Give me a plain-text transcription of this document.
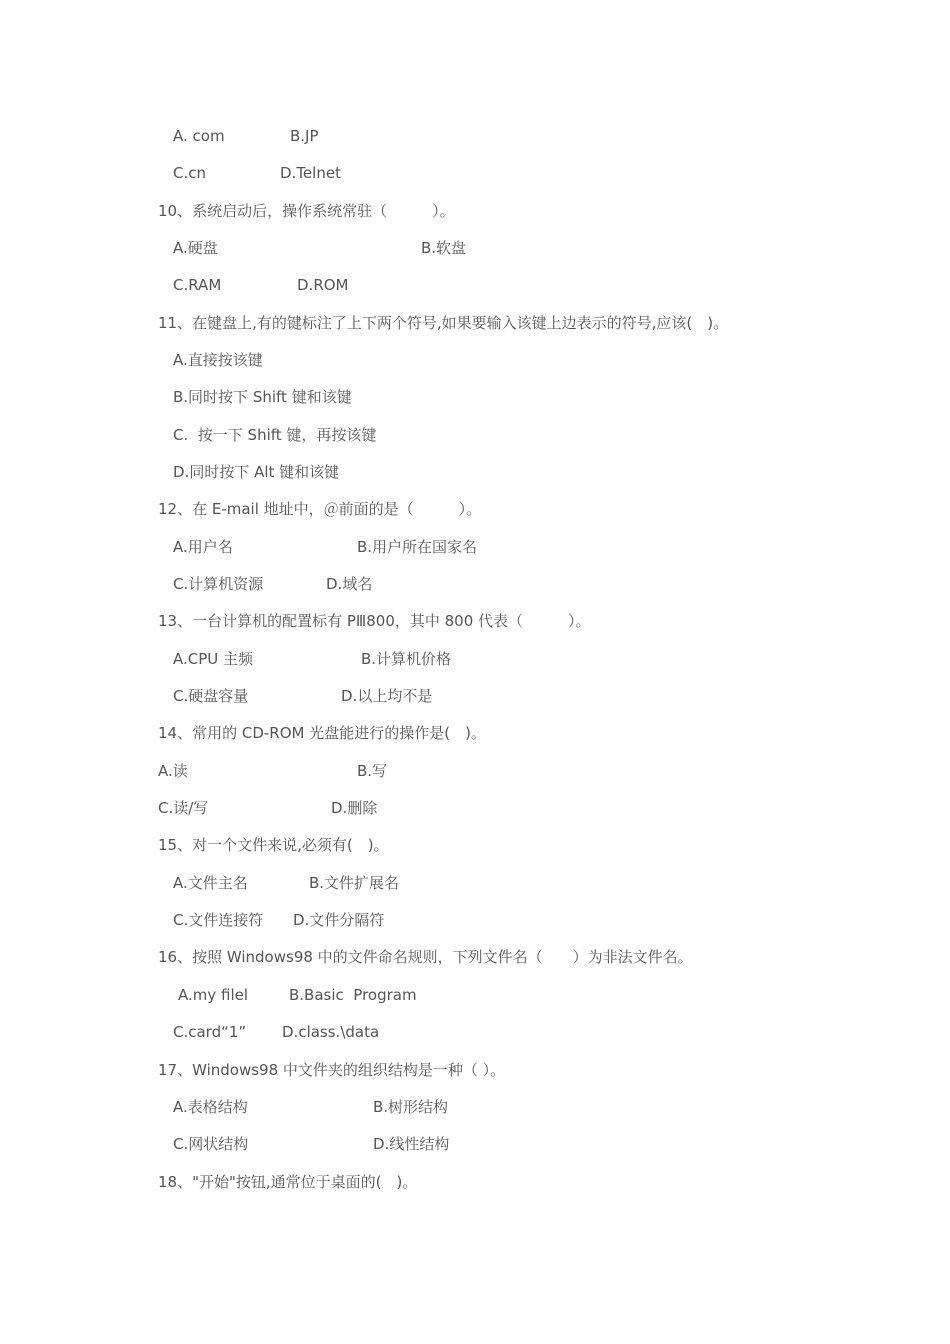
A. com	B.JP
C.cn	D.Telnet
10、系统启动后，操作系统常驻（　　　）。
A.硬盘	B.软盘
C.RAM	D.ROM
11、在键盘上,有的键标注了上下两个符号,如果要输入该键上边表示的符号,应该(　)。
A.直接按该键
B.同时按下 Shift 键和该键
C.  按一下 Shift 键，再按该键
D.同时按下 Alt 键和该键
12、在 E-mail 地址中，＠前面的是（　　　）。
A.用户名	B.用户所在国家名
C.计算机资源	D.域名
13、一台计算机的配置标有 PⅢ800，其中 800 代表（　　　）。
A.CPU 主频	B.计算机价格
C.硬盘容量	D.以上均不是
14、常用的 CD-ROM 光盘能进行的操作是(　)。
A.读	B.写
C.读/写	D.删除
15、对一个文件来说,必须有(　)。
A.文件主名	B.文件扩展名
C.文件连接符 D.文件分隔符
16、按照 Windows98 中的文件命名规则，下列文件名（　　）为非法文件名。
A.my filel	B.Basic  Program
C.card“1” D.class.\data
17、Windows98 中文件夹的组织结构是一种（ ）。
A.表格结构	B.树形结构
C.网状结构	D.线性结构
18、"开始"按钮,通常位于桌面的(　)。
